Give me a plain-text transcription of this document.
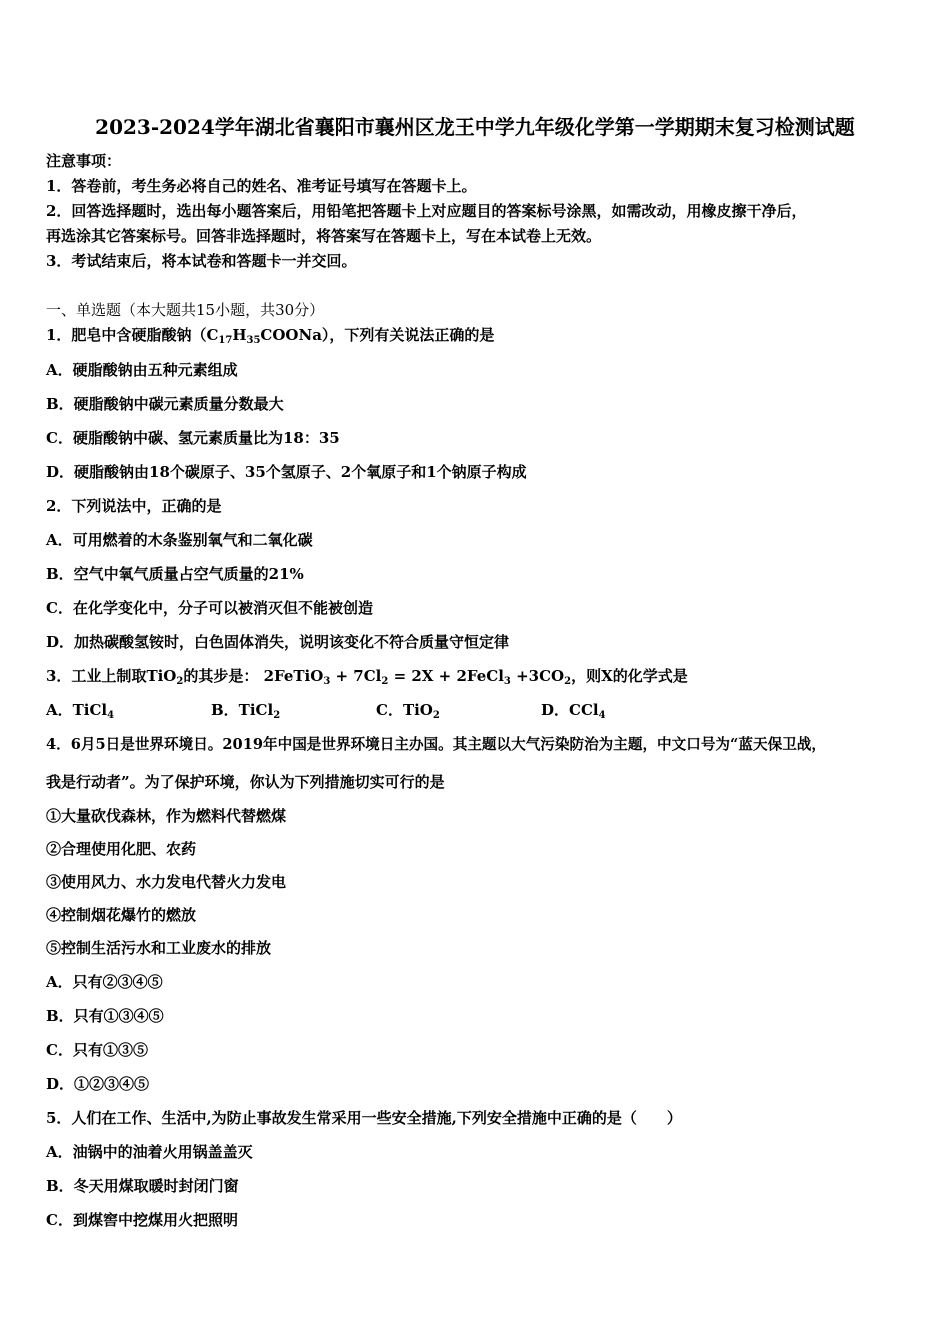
2023-2024学年湖北省襄阳市襄州区龙王中学九年级化学第一学期期末复习检测试题
注意事项：
1．答卷前，考生务必将自己的姓名、准考证号填写在答题卡上。
2．回答选择题时，选出每小题答案后，用铅笔把答题卡上对应题目的答案标号涂黑，如需改动，用橡皮擦干净后，
再选涂其它答案标号。回答非选择题时，将答案写在答题卡上，写在本试卷上无效。
3．考试结束后，将本试卷和答题卡一并交回。
一、单选题（本大题共15小题，共30分）
1．肥皂中含硬脂酸钠$(C_{17}H_{35}COONa)$，下列有关说法正确的是
A．硬脂酸钠由五种元素组成
B．硬脂酸钠中碳元素质量分数最大
C．硬脂酸钠中碳、氢元素质量比为18：35
D．硬脂酸钠由18个碳原子、35个氢原子、2个氧原子和1个钠原子构成
2．下列说法中，正确的是
A．可用燃着的木条鉴别氧气和二氧化碳
B．空气中氧气质量占空气质量的21%
C．在化学变化中，分子可以被消灭但不能被创造
D．加热碳酸氢铵时，白色固体消失，说明该变化不符合质量守恒定律
3．工业上制取TiO$_2$的其步是： 2FeTiO$_3$ + $7Cl_2 = 2X$ + 2FeCl$_3$ $+3CO_2$，则X的化学式是
A．TiCl$_4$	B．TiCl$_2$	C．TiO$_2$	D．CCl$_4$
4．6月5日是世界环境日。2019年中国是世界环境日主办国。其主题以大气污染防治为主题，中文口号为“蓝天保卫战，
我是行动者”。为了保护环境，你认为下列措施切实可行的是
①大量砍伐森林，作为燃料代替燃煤
②合理使用化肥、农药
③使用风力、水力发电代替火力发电
④控制烟花爆竹的燃放
⑤控制生活污水和工业废水的排放
A．只有②③④⑤
B．只有①③④⑤
C．只有①③⑤
D．①②③④⑤
5．人们在工作、生活中,为防止事故发生常采用一些安全措施,下列安全措施中正确的是（　　）
A．油锅中的油着火用锅盖盖灭
B．冬天用煤取暖时封闭门窗
C．到煤窖中挖煤用火把照明
